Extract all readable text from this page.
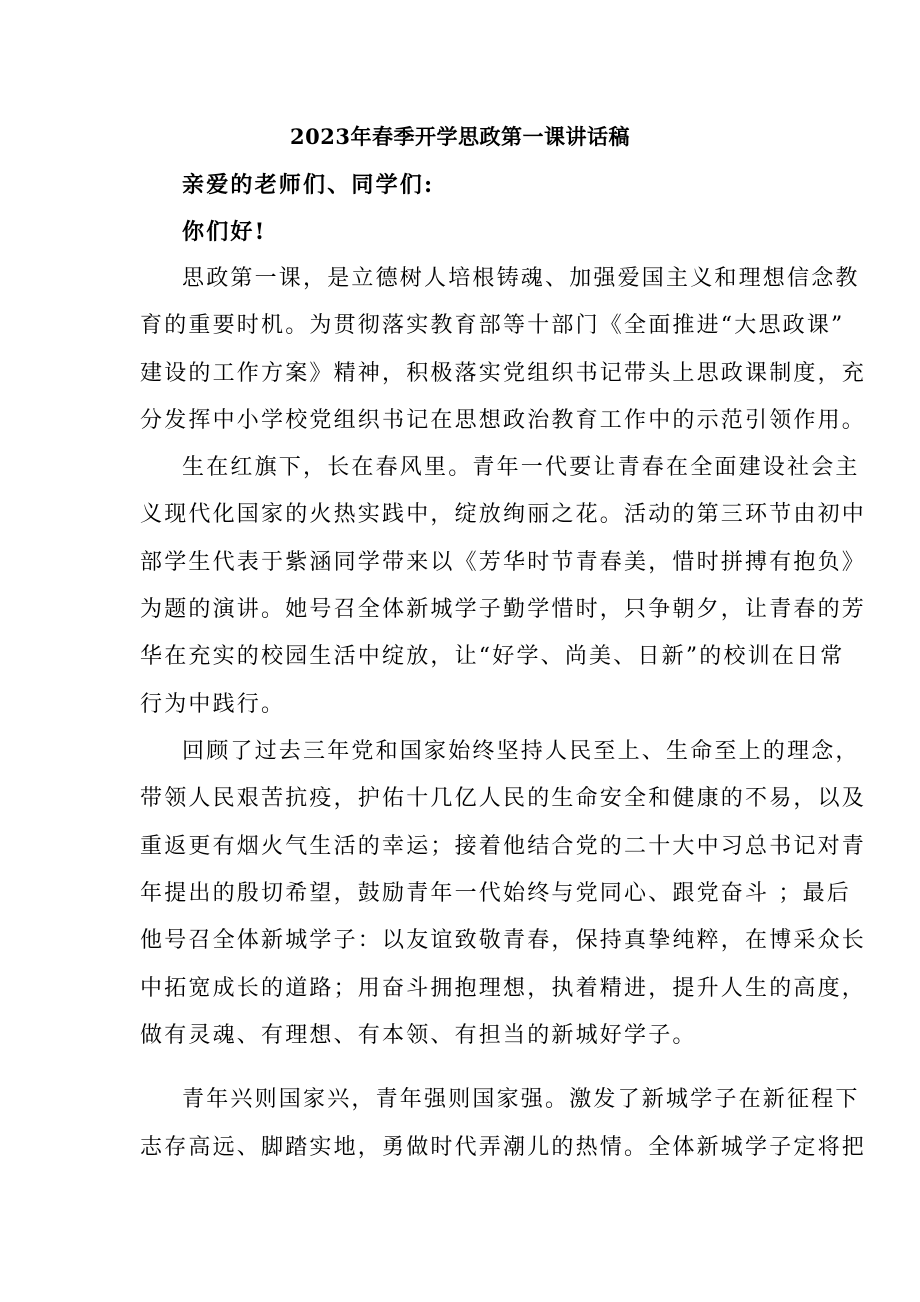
2023年春季开学思政第一课讲话稿
亲爱的老师们、同学们:
你们好!
思政第一课，是立德树人培根铸魂、加强爱国主义和理想信念教
育的重要时机。为贯彻落实教育部等十部门《全面推进“大思政课”
建设的工作方案》精神，积极落实党组织书记带头上思政课制度，充
分发挥中小学校党组织书记在思想政治教育工作中的示范引领作用。
生在红旗下，长在春风里。青年一代要让青春在全面建设社会主
义现代化国家的火热实践中，绽放绚丽之花。活动的第三环节由初中
部学生代表于紫涵同学带来以《芳华时节青春美，惜时拼搏有抱负》
为题的演讲。她号召全体新城学子勤学惜时，只争朝夕，让青春的芳
华在充实的校园生活中绽放，让“好学、尚美、日新”的校训在日常
行为中践行。
回顾了过去三年党和国家始终坚持人民至上、生命至上的理念，
带领人民艰苦抗疫，护佑十几亿人民的生命安全和健康的不易，以及
重返更有烟火气生活的幸运；接着他结合党的二十大中习总书记对青
年提出的殷切希望，鼓励青年一代始终与党同心、跟党奋斗 ；最后
他号召全体新城学子：以友谊致敬青春，保持真挚纯粹，在博采众长
中拓宽成长的道路；用奋斗拥抱理想，执着精进，提升人生的高度，
做有灵魂、有理想、有本领、有担当的新城好学子。
青年兴则国家兴，青年强则国家强。激发了新城学子在新征程下
志存高远、脚踏实地，勇做时代弄潮儿的热情。全体新城学子定将把
